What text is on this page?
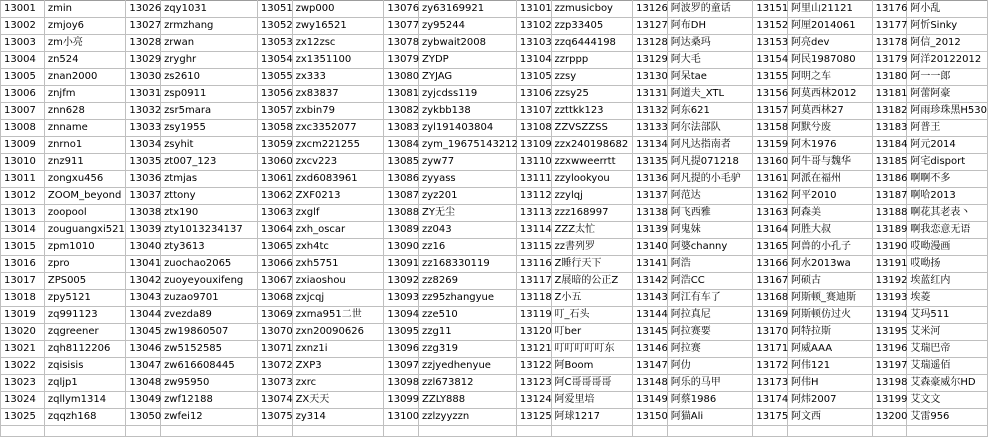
13001	zmin	13026	zqy1031	13051	zwp000	13076	zy63169921	13101	zzmusicboy	13126	阿波罗的童话	13151	阿里山21121	13176	阿小乱
13002	zmjoy6	13027	zrmzhang	13052	zwy16521	13077	zy95244	13102	zzp33405	13127	阿布DH	13152	阿厘2014061	13177	阿忻Sinky
13003	zm小亮	13028	zrwan	13053	zx12zsc	13078	zybwait2008	13103	zzq6444198	13128	阿达桑玛	13153	阿亮dev	13178	阿信_2012
13004	zn524	13029	zryghr	13054	zx1351100	13079	ZYDP	13104	zzrppp	13129	阿大毛	13154	阿民1987080	13179	阿洋20122012
13005	znan2000	13030	zs2610	13055	zx333	13080	ZYJAG	13105	zzsy	13130	阿呆tae	13155	阿明之车	13180	阿一一郎
13006	znjfm	13031	zsp0911	13056	zx83837	13081	zyjcdss119	13106	zzsy25	13131	阿道夫_XTL	13156	阿莫西林2012	13181	阿蕾阿豪
13007	znn628	13032	zsr5mara	13057	zxbin79	13082	zykbb138	13107	zzttkk123	13132	阿东621	13157	阿莫西林27	13182	阿雨珍珠黑H530
13008	znname	13033	zsy1955	13058	zxc3352077	13083	zyl191403804	13108	ZZVSZZSS	13133	阿尔法部队	13158	阿默兮废	13183	阿普王
13009	znrno1	13034	zsyhit	13059	zxcm221255	13084	zym_19675143212	13109	zzx240198682	13134	阿凡达指南者	13159	阿木1976	13184	阿元2014
13010	znz911	13035	zt007_123	13060	zxcv223	13085	zyw77	13110	zzxwweerrtt	13135	阿凡提071218	13160	阿牛哥与魏华	13185	阿宅disport
13011	zongxu456	13036	ztmjas	13061	zxd6083961	13086	zyyass	13111	zzylookyou	13136	阿凡提的小毛驴	13161	阿派在福州	13186	啊啊不多
13012	ZOOM_beyond	13037	zttony	13062	ZXF0213	13087	zyz201	13112	zzylqj	13137	阿范达	13162	阿平2010	13187	啊哈2013
13013	zoopool	13038	ztx190	13063	zxglf	13088	ZY无尘	13113	zzz168997	13138	阿飞西雅	13163	阿森美	13188	啊花其老表丶
13014	zouguangxi521	13039	zty1013234137	13064	zxh_oscar	13089	zz043	13114	ZZZ太忙	13139	阿鬼妹	13164	阿胜大叔	13189	啊我恋意无语
13015	zpm1010	13040	zty3613	13065	zxh4tc	13090	zz16	13115	zz書列罗	13140	阿婆channy	13165	阿兽的小孔子	13190	哎呦漫画
13016	zpro	13041	zuochao2065	13066	zxh5751	13091	zz168330119	13116	Z睡行天下	13141	阿浩	13166	阿水2013wa	13191	哎呦扬
13017	ZPS005	13042	zuoyeyouxifeng	13067	zxiaoshou	13092	zz8269	13117	Z展暗的公正Z	13142	阿浩CC	13167	阿硕古	13192	埃蓝红内
13018	zpy5121	13043	zuzao9701	13068	zxjcqj	13093	zz95zhangyue	13118	Z小五	13143	阿江有车了	13168	阿斯顿_赛迪斯	13193	埃菱
13019	zq991123	13044	zvezda89	13069	zxma951二世	13094	zze510	13119	叮_石头	13144	阿拉真尼	13169	阿斯顿仿过火	13194	艾玛511
13020	zqgreener	13045	zw19860507	13070	zxn20090626	13095	zzg11	13120	叮ber	13145	阿拉赛要	13170	阿特拉斯	13195	艾米河
13021	zqh8112206	13046	zw5152585	13071	zxnz1i	13096	zzg319	13121	叮叮叮叮叮东	13146	阿拉赛	13171	阿威AAA	13196	艾瑞巴帝
13022	zqisisis	13047	zw616608445	13072	ZXP3	13097	zzjyedhenyue	13122	阿Boom	13147	阿仂	13172	阿伟121	13197	艾瑞遥佰
13023	zqljp1	13048	zw95950	13073	zxrc	13098	zzl673812	13123	阿C哥哥哥哥	13148	阿乐的马甲	13173	阿伟H	13198	艾森豪威尔HD
13024	zqllym1314	13049	zwf12188	13074	ZX天天	13099	ZZLY888	13124	阿爱里培	13149	阿蔡1986	13174	阿炜2007	13199	艾文文
13025	zqqzh168	13050	zwfei12	13075	zy314	13100	zzlzyyzzn	13125	阿球1217	13150	阿猫Ali	13175	阿文西	13200	艾雷956
